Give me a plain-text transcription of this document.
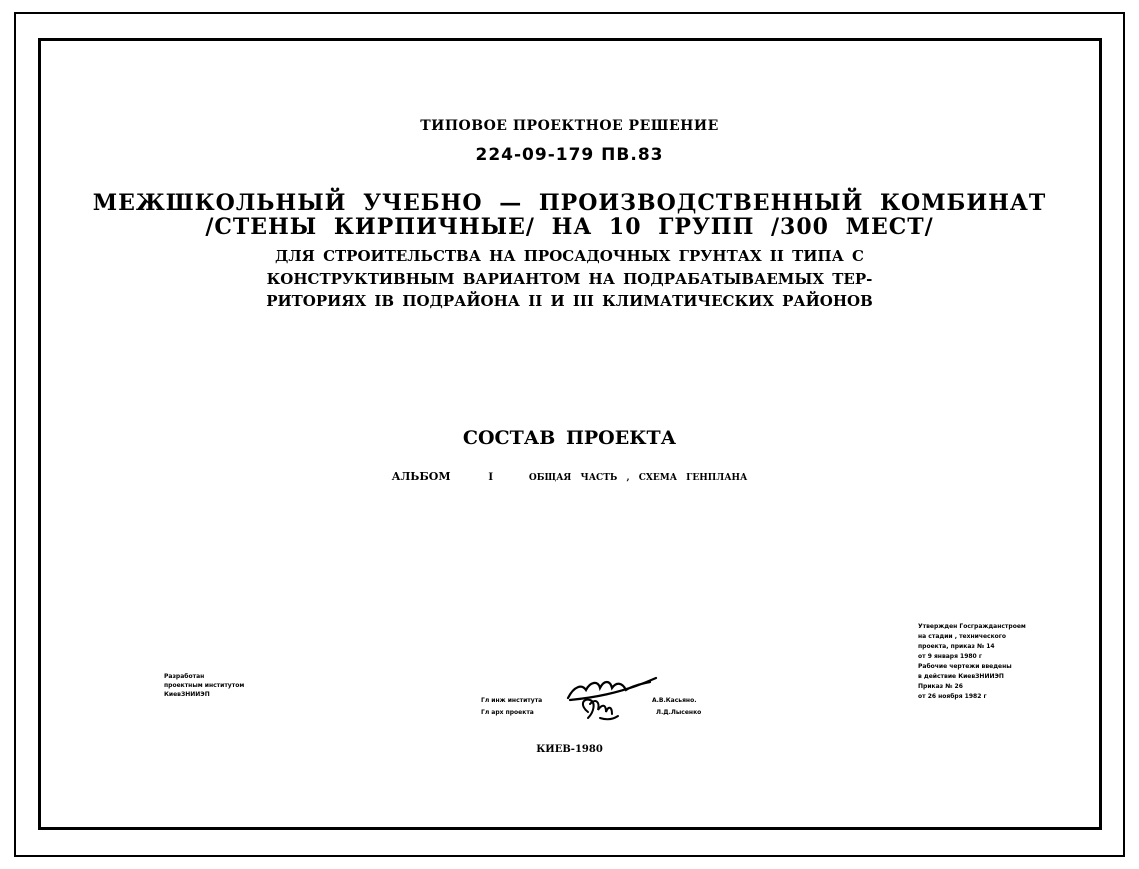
ТИПОВОЕ ПРОЕКТНОЕ РЕШЕНИЕ
224-09-179 ПВ.83
МЕЖШКОЛЬНЫЙ УЧЕБНО — ПРОИЗВОДСТВЕННЫЙ КОМБИНАТ
/СТЕНЫ КИРПИЧНЫЕ/ НА 10 ГРУПП /300 МЕСТ/
ДЛЯ СТРОИТЕЛЬСТВА НА ПРОСАДОЧНЫХ ГРУНТАХ II ТИПА С
КОНСТРУКТИВНЫМ ВАРИАНТОМ НА ПОДРАБАТЫВАЕМЫХ ТЕР-
РИТОРИЯХ IВ ПОДРАЙОНА II И III КЛИМАТИЧЕСКИХ РАЙОНОВ
СОСТАВ ПРОЕКТА
АЛЬБОМ	I	ОБЩАЯ ЧАСТЬ , СХЕМА ГЕНПЛАНА
Разработан
проектным институтом
КиевЗНИИЭП
Гл инж института	А.В.Касьяно.
Гл арх проекта	Л.Д.Лысенко
Утвержден Госгражданстроем
на стадии , технического
проекта, приказ № 14
от 9 января 1980 г
Рабочие чертежи введены
в действие КиевЗНИИЭП
Приказ № 26
от 26 ноября 1982 г
КИЕВ-1980
